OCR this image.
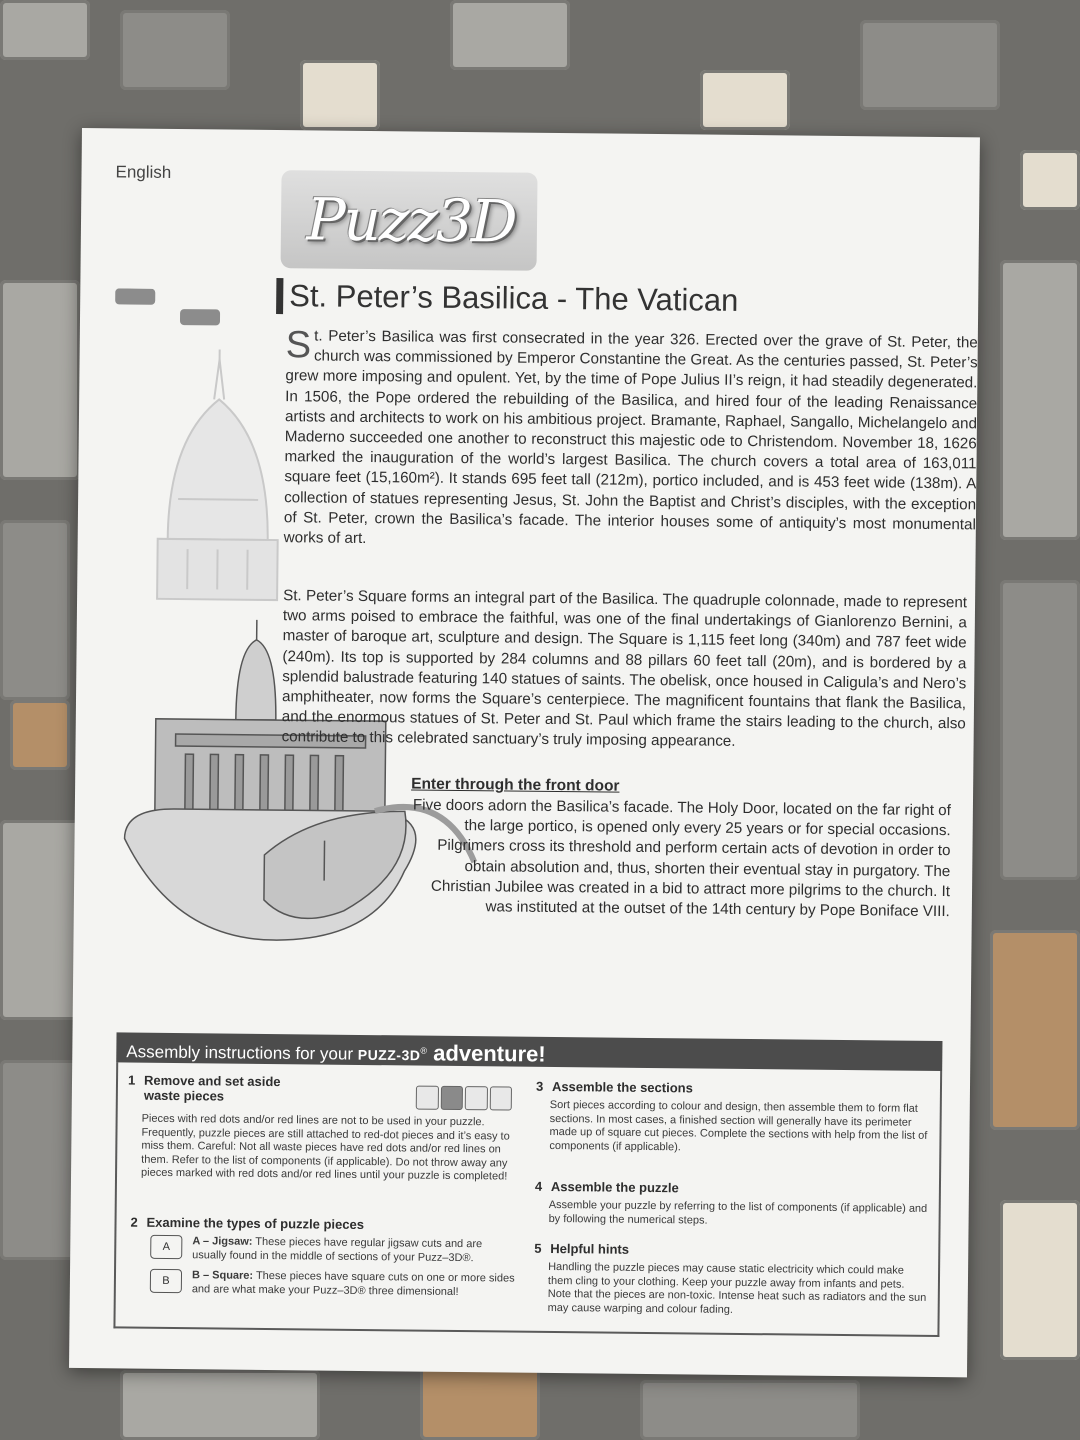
English
Puzz3D
St. Peter’s Basilica - The Vatican
St. Peter’s Basilica was first consecrated in the year 326. Erected over the grave of St. Peter, the church was commissioned by Emperor Constantine the Great. As the centuries passed, St. Peter’s grew more imposing and opulent. Yet, by the time of Pope Julius II’s reign, it had steadily degenerated. In 1506, the Pope ordered the rebuilding of the Basilica, and hired four of the leading Renaissance artists and architects to work on his ambitious project. Bramante, Raphael, Sangallo, Michelangelo and Maderno succeeded one another to reconstruct this majestic ode to Christendom. November 18, 1626 marked the inauguration of the world’s largest Basilica. The church covers a total area of 163,011 square feet (15,160m²). It stands 695 feet tall (212m), portico included, and is 453 feet wide (138m). A collection of statues representing Jesus, St. John the Baptist and Christ’s disciples, with the exception of St. Peter, crown the Basilica’s facade. The interior houses some of antiquity’s most monumental works of art.
St. Peter’s Square forms an integral part of the Basilica. The quadruple colonnade, made to represent two arms poised to embrace the faithful, was one of the final undertakings of Gianlorenzo Bernini, a master of baroque art, sculpture and design. The Square is 1,115 feet long (340m) and 787 feet wide (240m). Its top is supported by 284 columns and 88 pillars 60 feet tall (20m), and is bordered by a splendid balustrade featuring 140 statues of saints. The obelisk, once housed in Caligula’s and Nero’s amphitheater, now forms the Square’s centerpiece. The magnificent fountains that flank the Basilica, and the enormous statues of St. Peter and St. Paul which frame the stairs leading to the church, also contribute to this celebrated sanctuary’s truly imposing appearance.
Enter through the front door
Five doors adorn the Basilica’s facade. The Holy Door, located on the far right of the large portico, is opened only every 25 years or for special occasions. Pilgrimers cross its threshold and perform certain acts of devotion in order to obtain absolution and, thus, shorten their eventual stay in purgatory. The Christian Jubilee was created in a bid to attract more pilgrims to the church. It was instituted at the outset of the 14th century by Pope Boniface VIII.
Assembly instructions for your PUZZ-3D® adventure!
1 Remove and set aside waste pieces
Pieces with red dots and/or red lines are not to be used in your puzzle. Frequently, puzzle pieces are still attached to red-dot pieces and it’s easy to miss them. Careful: Not all waste pieces have red dots and/or red lines on them. Refer to the list of components (if applicable). Do not throw away any pieces marked with red dots and/or red lines until your puzzle is completed!
2 Examine the types of puzzle pieces
A	A – Jigsaw: These pieces have regular jigsaw cuts and are usually found in the middle of sections of your Puzz–3D®.
B	B – Square: These pieces have square cuts on one or more sides and are what make your Puzz–3D® three dimensional!
3 Assemble the sections
Sort pieces according to colour and design, then assemble them to form flat sections. In most cases, a finished section will generally have its perimeter made up of square cut pieces. Complete the sections with help from the list of components (if applicable).
4 Assemble the puzzle
Assemble your puzzle by referring to the list of components (if applicable) and by following the numerical steps.
5 Helpful hints
Handling the puzzle pieces may cause static electricity which could make them cling to your clothing. Keep your puzzle away from infants and pets. Note that the pieces are non-toxic. Intense heat such as radiators and the sun may cause warping and colour fading.
